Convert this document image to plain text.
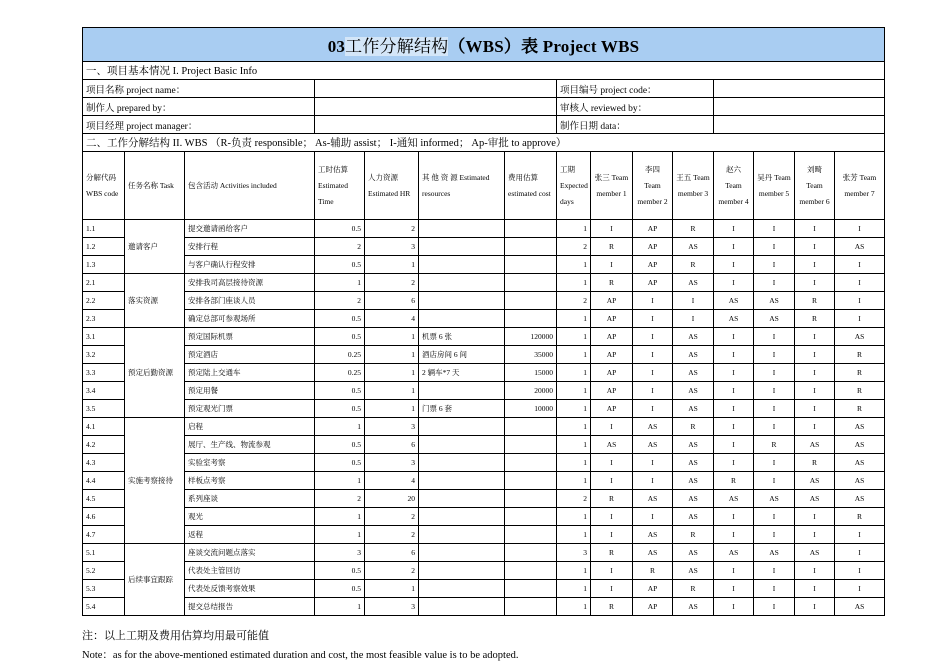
03工作分解结构（WBS）表 Project WBS														
一、项目基本情况 I. Project Basic Info														
项目名称 project name：							项目编号 project code：							
制作人 prepared by：							审核人 reviewed by：							
项目经理 project manager：							制作日期 data：							
二、工作分解结构 II. WBS （R-负责 responsible； As-辅助 assist； I-通知 informed； Ap-审批 to approve）														
分解代码 WBS code	任务名称 Task	包含活动 Activities included	工时估算 Estimated Time	人力资源 Estimated HR	其 他 资 源 Estimated resources	费用估算 estimated cost	工期 Expected days	张三 Team member 1	李四 Team member 2	王五 Team member 3	赵六 Team member 4	吴丹 Team member 5	刘畸 Team member 6	张芳 Team member 7
1.1	邀请客户	提交邀请函给客户	0.5	2			1	I	AP	R	I	I	I	I
1.2		安排行程	2	3			2	R	AP	AS	I	I	I	AS
1.3		与客户确认行程安排	0.5	1			1	I	AP	R	I	I	I	I
2.1	落实资源	安排我司高层接待资源	1	2			1	R	AP	AS	I	I	I	I
2.2		安排各部门座谈人员	2	6			2	AP	I	I	AS	AS	R	I
2.3		确定总部可参观场所	0.5	4			1	AP	I	I	AS	AS	R	I
3.1	预定后勤资源	预定国际机票	0.5	1	机票 6 张	120000	1	AP	I	AS	I	I	I	AS
3.2		预定酒店	0.25	1	酒店房间 6 间	35000	1	AP	I	AS	I	I	I	R
3.3		预定陆上交通车	0.25	1	2 辆车*7 天	15000	1	AP	I	AS	I	I	I	R
3.4		预定用餐	0.5	1		20000	1	AP	I	AS	I	I	I	R
3.5		预定观光门票	0.5	1	门票 6 套	10000	1	AP	I	AS	I	I	I	R
4.1	实施考察接待	启程	1	3			1	I	AS	R	I	I	I	AS
4.2		展厅、生产线、物流参观	0.5	6			1	AS	AS	AS	I	R	AS	AS
4.3		实验室考察	0.5	3			1	I	I	AS	I	I	R	AS
4.4		样板点考察	1	4			1	I	I	AS	R	I	AS	AS
4.5		系列座谈	2	20			2	R	AS	AS	AS	AS	AS	AS
4.6		观光	1	2			1	I	I	AS	I	I	I	R
4.7		返程	1	2			1	I	AS	R	I	I	I	I
5.1	后续事宜跟踪	座谈交流问题点落实	3	6			3	R	AS	AS	AS	AS	AS	I
5.2		代表处主管回访	0.5	2			1	I	R	AS	I	I	I	I
5.3		代表处反馈考察效果	0.5	1			1	I	AP	R	I	I	I	I
5.4		提交总结报告	1	3			1	R	AP	AS	I	I	I	AS
注：以上工期及费用估算均用最可能值
Note：as for the above-mentioned estimated duration and cost, the most feasible value is to be adopted.
